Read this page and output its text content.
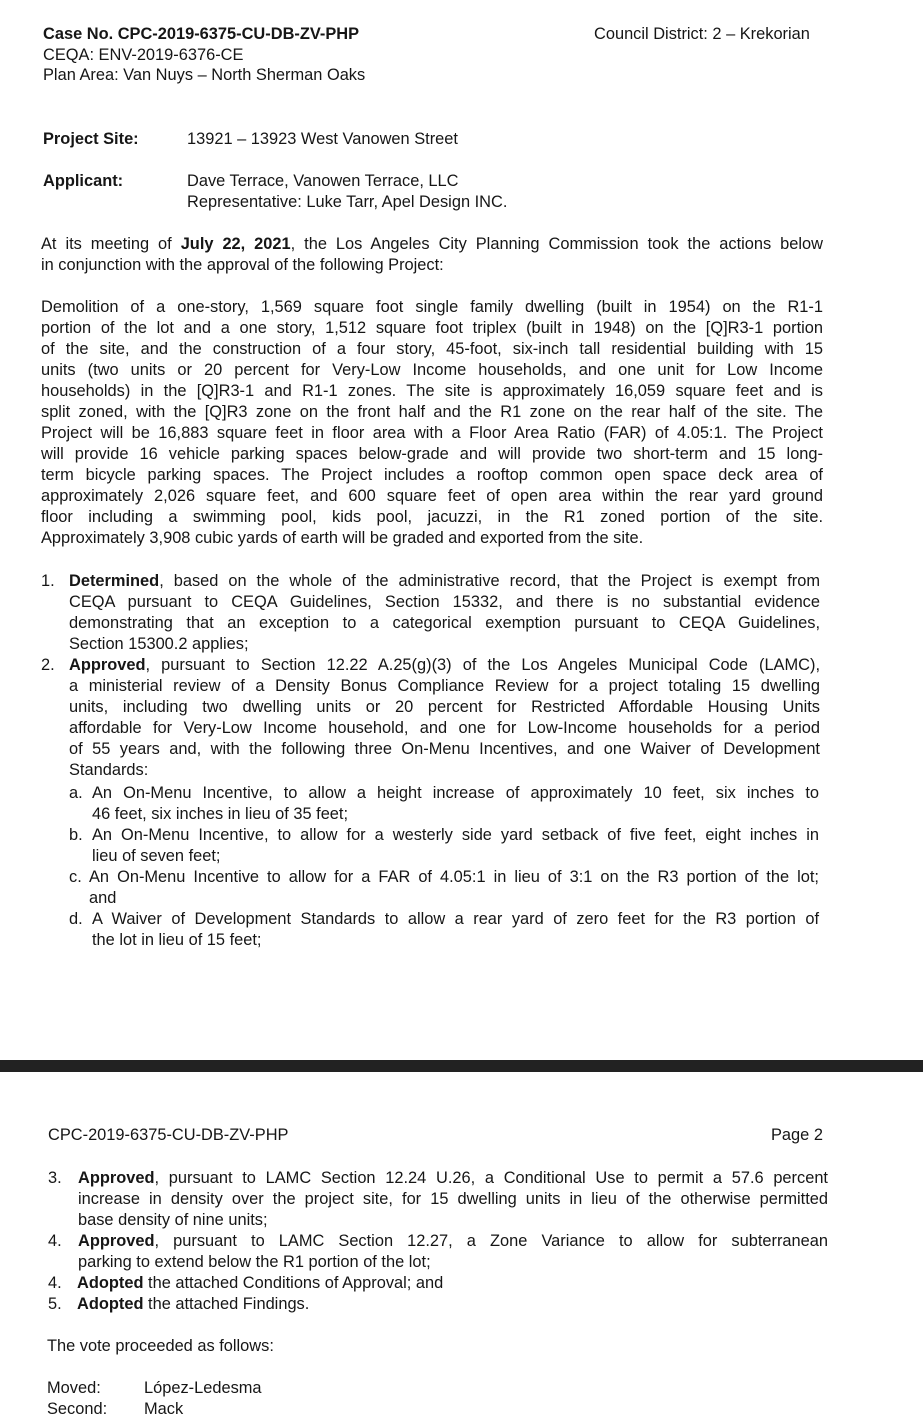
Case No. CPC-2019-6375-CU-DB-ZV-PHP
CEQA: ENV-2019-6376-CE
Plan Area: Van Nuys – North Sherman Oaks
Council District: 2 – Krekorian
Project Site:	13921 – 13923 West Vanowen Street
Applicant:	Dave Terrace, Vanowen Terrace, LLC
Representative: Luke Tarr, Apel Design INC.
At its meeting of July 22, 2021, the Los Angeles City Planning Commission took the actions below
in conjunction with the approval of the following Project:
Demolition of a one-story, 1,569 square foot single family dwelling (built in 1954) on the R1-1
portion of the lot and a one story, 1,512 square foot triplex (built in 1948) on the [Q]R3-1 portion
of the site, and the construction of a four story, 45-foot, six-inch tall residential building with 15
units (two units or 20 percent for Very-Low Income households, and one unit for Low Income
households) in the [Q]R3-1 and R1-1 zones. The site is approximately 16,059 square feet and is
split zoned, with the [Q]R3 zone on the front half and the R1 zone on the rear half of the site. The
Project will be 16,883 square feet in floor area with a Floor Area Ratio (FAR) of 4.05:1. The Project
will provide 16 vehicle parking spaces below-grade and will provide two short-term and 15 long-
term bicycle parking spaces. The Project includes a rooftop common open space deck area of
approximately 2,026 square feet, and 600 square feet of open area within the rear yard ground
floor including a swimming pool, kids pool, jacuzzi, in the R1 zoned portion of the site.
Approximately 3,908 cubic yards of earth will be graded and exported from the site.
1. Determined, based on the whole of the administrative record, that the Project is exempt from
CEQA pursuant to CEQA Guidelines, Section 15332, and there is no substantial evidence
demonstrating that an exception to a categorical exemption pursuant to CEQA Guidelines,
Section 15300.2 applies;
2. Approved, pursuant to Section 12.22 A.25(g)(3) of the Los Angeles Municipal Code (LAMC),
a ministerial review of a Density Bonus Compliance Review for a project totaling 15 dwelling
units, including two dwelling units or 20 percent for Restricted Affordable Housing Units
affordable for Very-Low Income household, and one for Low-Income households for a period
of 55 years and, with the following three On-Menu Incentives, and one Waiver of Development
Standards:
a. An On-Menu Incentive, to allow a height increase of approximately 10 feet, six inches to
46 feet, six inches in lieu of 35 feet;
b. An On-Menu Incentive, to allow for a westerly side yard setback of five feet, eight inches in
lieu of seven feet;
c. An On-Menu Incentive to allow for a FAR of 4.05:1 in lieu of 3:1 on the R3 portion of the lot;
and
d. A Waiver of Development Standards to allow a rear yard of zero feet for the R3 portion of
the lot in lieu of 15 feet;
CPC-2019-6375-CU-DB-ZV-PHP	Page 2
3. Approved, pursuant to LAMC Section 12.24 U.26, a Conditional Use to permit a 57.6 percent
increase in density over the project site, for 15 dwelling units in lieu of the otherwise permitted
base density of nine units;
4. Approved, pursuant to LAMC Section 12.27, a Zone Variance to allow for subterranean
parking to extend below the R1 portion of the lot;
4. Adopted the attached Conditions of Approval; and
5. Adopted the attached Findings.
The vote proceeded as follows:
Moved:	López-Ledesma
Second: Mack
